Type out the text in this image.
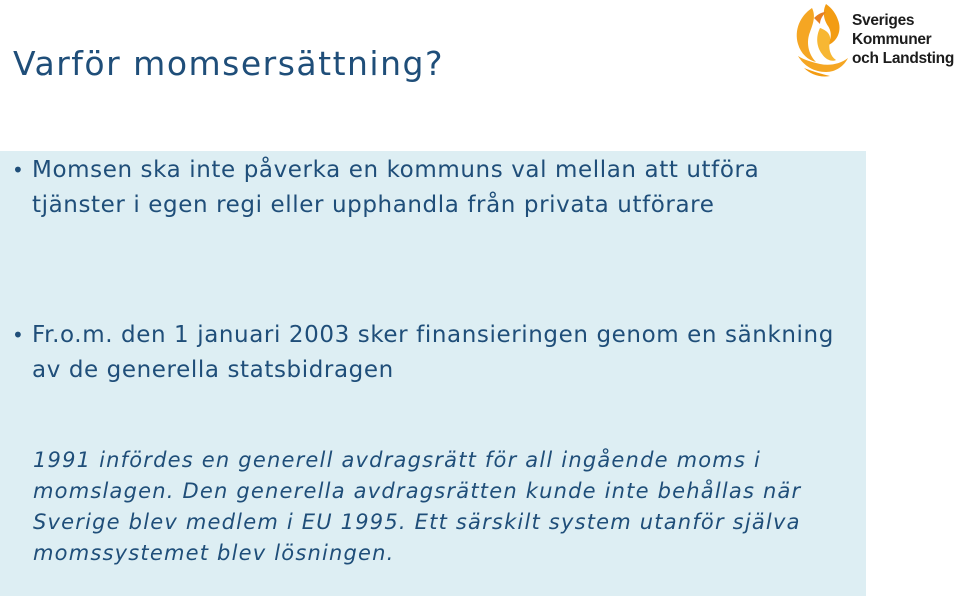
Varför momsersättning?
Sveriges
Kommuner
och Landsting
• Momsen ska inte påverka en kommuns val mellan att utföra tjänster i egen regi eller upphandla från privata utförare
• Fr.o.m. den 1 januari 2003 sker finansieringen genom en sänkning av de generella statsbidragen
1991 infördes en generell avdragsrätt för all ingående moms i momslagen. Den generella avdragsrätten kunde inte behållas när Sverige blev medlem i EU 1995. Ett särskilt system utanför själva momssystemet blev lösningen.
